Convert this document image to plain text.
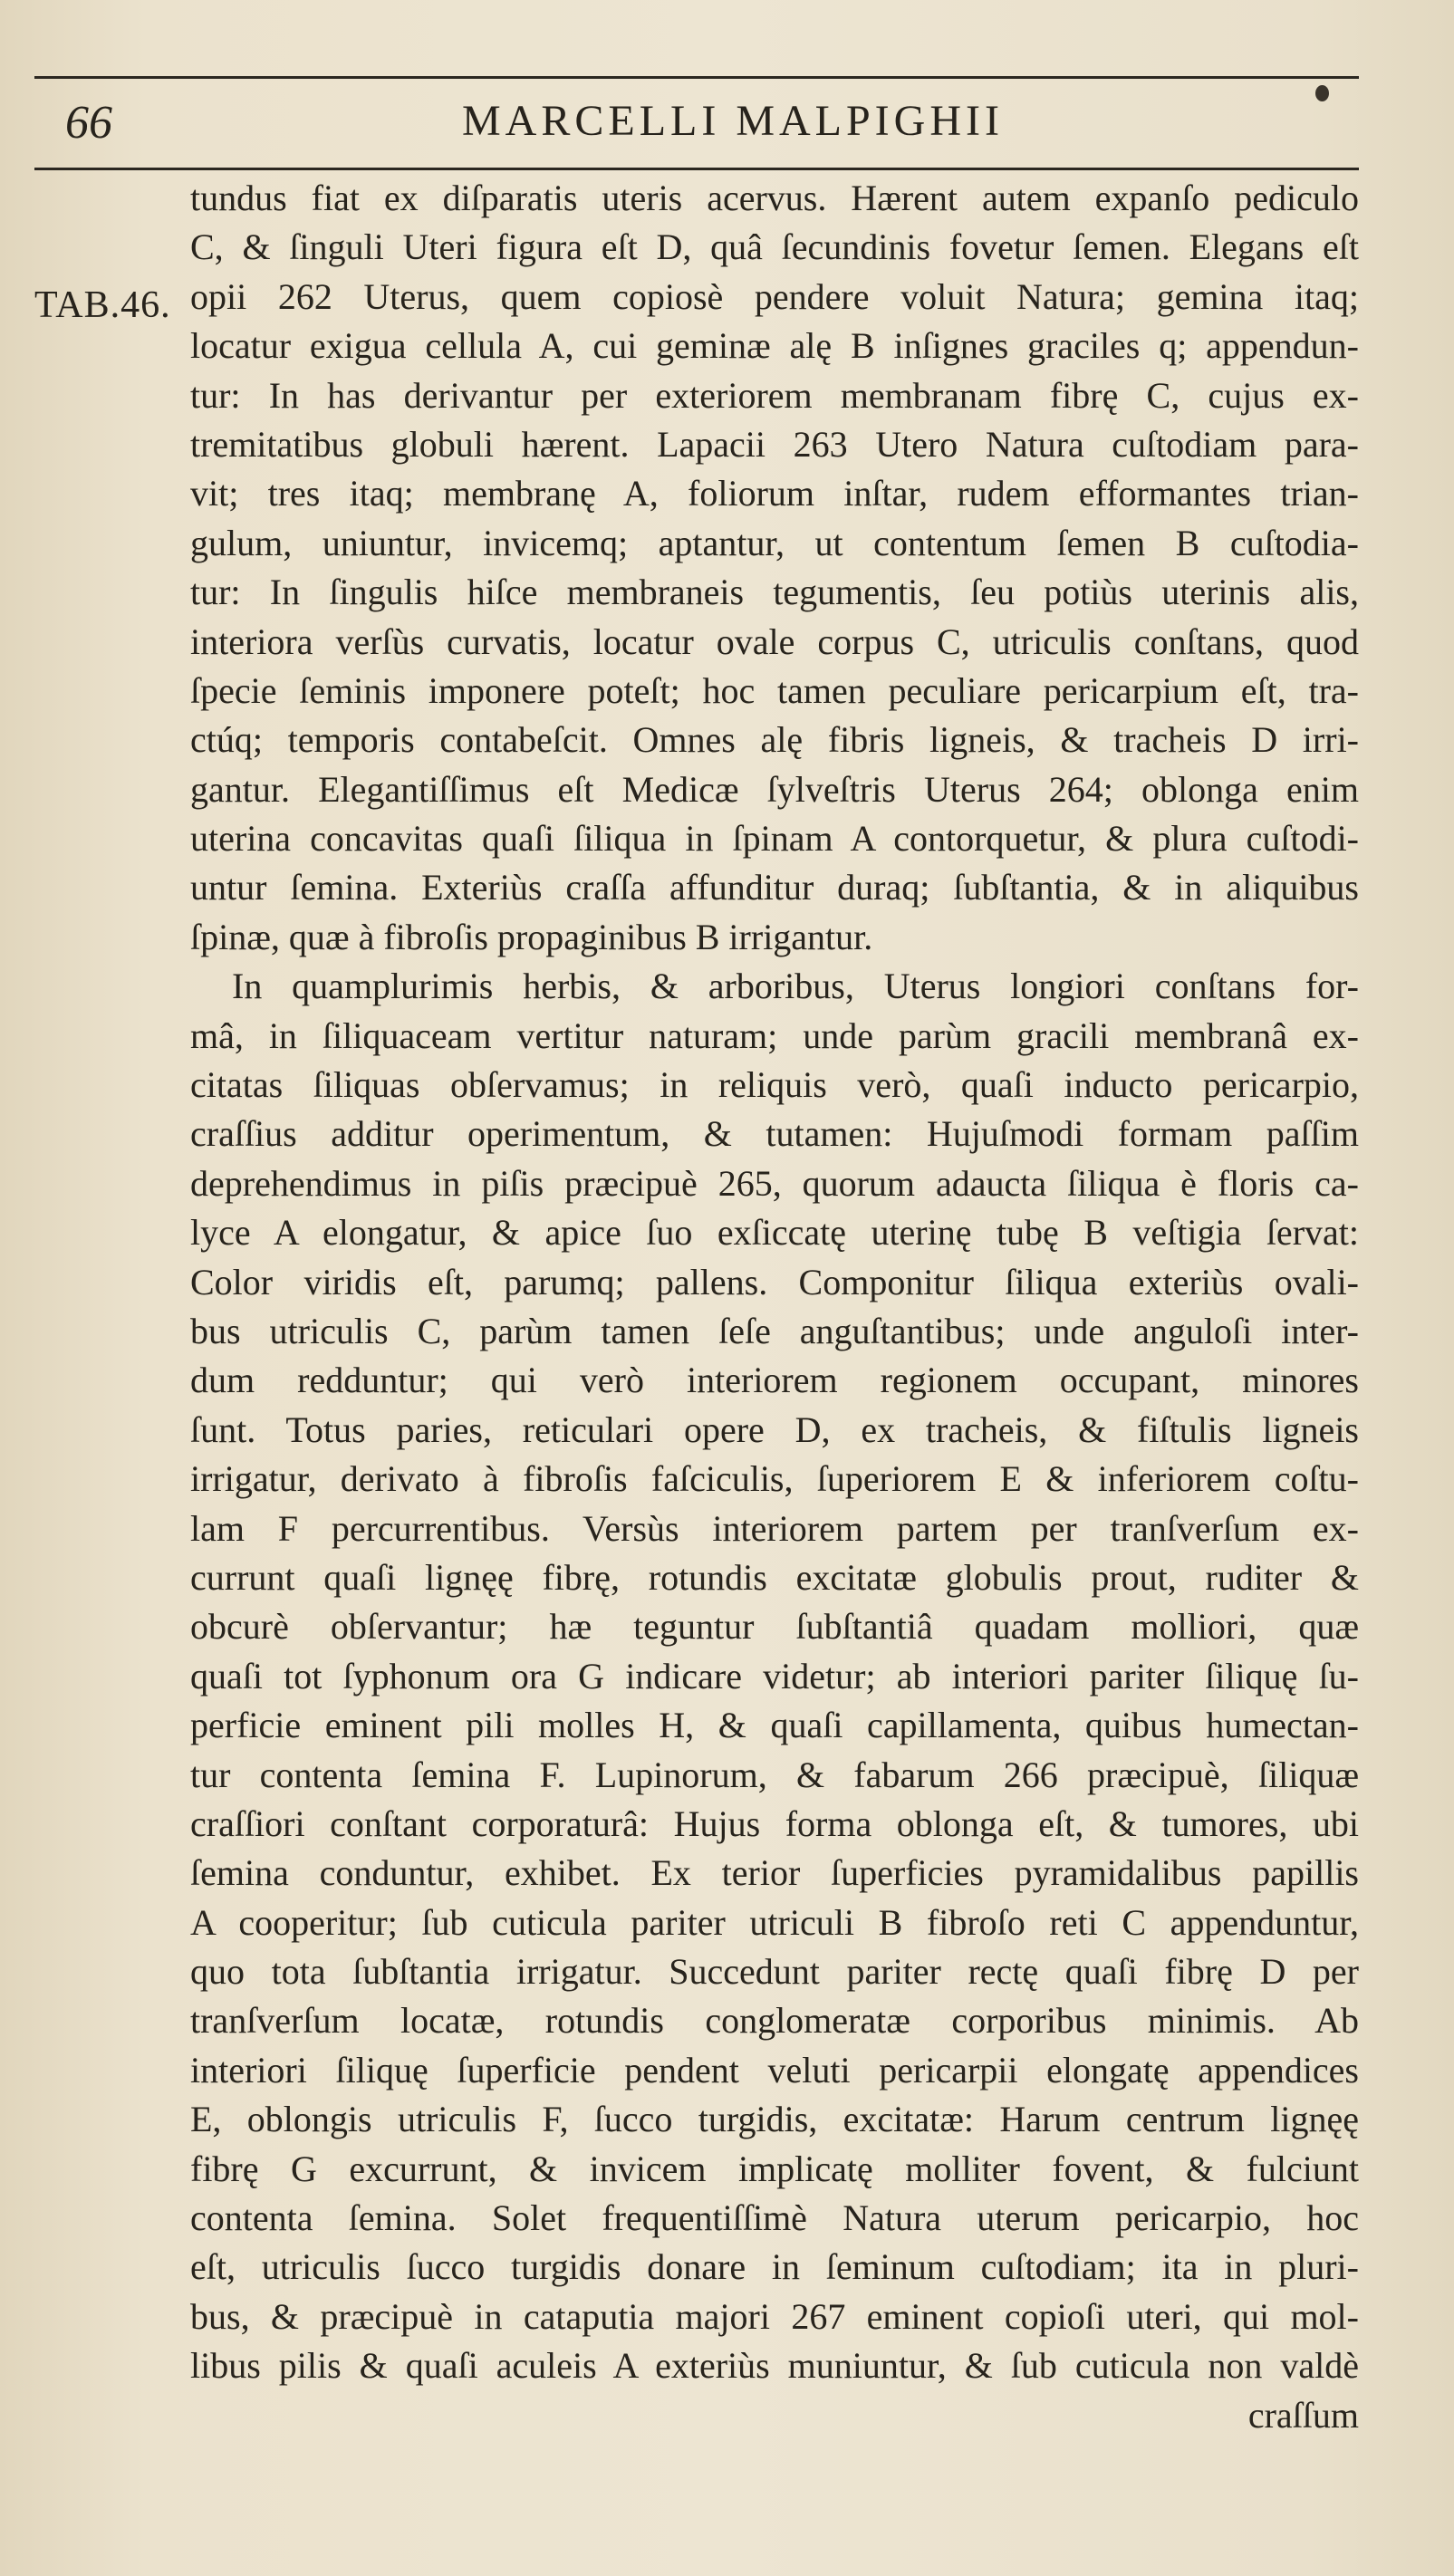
66	MARCELLI MALPIGHII
TAB.46.
tundus fiat ex diſparatis uteris acervus. Hærent autem expanſo pediculo
C, & ſinguli Uteri figura eſt D, quâ ſecundinis fovetur ſemen. Elegans eſt
opii 262 Uterus, quem copiosè pendere voluit Natura; gemina itaq;
locatur exigua cellula A, cui geminæ alę B inſignes graciles q; appendun-
tur: In has derivantur per exteriorem membranam fibrę C, cujus ex-
tremitatibus globuli hærent. Lapacii 263 Utero Natura cuſtodiam para-
vit; tres itaq; membranę A, foliorum inſtar, rudem efformantes trian-
gulum, uniuntur, invicemq; aptantur, ut contentum ſemen B cuſtodia-
tur: In ſingulis hiſce membraneis tegumentis, ſeu potiùs uterinis alis,
interiora verſùs curvatis, locatur ovale corpus C, utriculis conſtans, quod
ſpecie ſeminis imponere poteſt; hoc tamen peculiare pericarpium eſt, tra-
ctúq; temporis contabeſcit. Omnes alę fibris ligneis, & tracheis D irri-
gantur. Elegantiſſimus eſt Medicæ ſylveſtris Uterus 264; oblonga enim
uterina concavitas quaſi ſiliqua in ſpinam A contorquetur, & plura cuſtodi-
untur ſemina. Exteriùs craſſa affunditur duraq; ſubſtantia, & in aliquibus
ſpinæ, quæ à fibroſis propaginibus B irrigantur.
In quamplurimis herbis, & arboribus, Uterus longiori conſtans for-
mâ, in ſiliquaceam vertitur naturam; unde parùm gracili membranâ ex-
citatas ſiliquas obſervamus; in reliquis verò, quaſi inducto pericarpio,
craſſius additur operimentum, & tutamen: Hujuſmodi formam paſſim
deprehendimus in piſis præcipuè 265, quorum adaucta ſiliqua è floris ca-
lyce A elongatur, & apice ſuo exſiccatę uterinę tubę B veſtigia ſervat:
Color viridis eſt, parumq; pallens. Componitur ſiliqua exteriùs ovali-
bus utriculis C, parùm tamen ſeſe anguſtantibus; unde anguloſi inter-
dum redduntur; qui verò interiorem regionem occupant, minores
ſunt. Totus paries, reticulari opere D, ex tracheis, & fiſtulis ligneis
irrigatur, derivato à fibroſis faſciculis, ſuperiorem E & inferiorem coſtu-
lam F percurrentibus. Versùs interiorem partem per tranſverſum ex-
currunt quaſi lignęę fibrę, rotundis excitatæ globulis prout, ruditer &
obcurè obſervantur; hæ teguntur ſubſtantiâ quadam molliori, quæ
quaſi tot ſyphonum ora G indicare videtur; ab interiori pariter ſiliquę ſu-
perficie eminent pili molles H, & quaſi capillamenta, quibus humectan-
tur contenta ſemina F. Lupinorum, & fabarum 266 præcipuè, ſiliquæ
craſſiori conſtant corporaturâ: Hujus forma oblonga eſt, & tumores, ubi
ſemina conduntur, exhibet. Ex terior ſuperficies pyramidalibus papillis
A cooperitur; ſub cuticula pariter utriculi B fibroſo reti C appenduntur,
quo tota ſubſtantia irrigatur. Succedunt pariter rectę quaſi fibrę D per
tranſverſum locatæ, rotundis conglomeratæ corporibus minimis. Ab
interiori ſiliquę ſuperficie pendent veluti pericarpii elongatę appendices
E, oblongis utriculis F, ſucco turgidis, excitatæ: Harum centrum lignęę
fibrę G excurrunt, & invicem implicatę molliter fovent, & fulciunt
contenta ſemina. Solet frequentiſſimè Natura uterum pericarpio, hoc
eſt, utriculis ſucco turgidis donare in ſeminum cuſtodiam; ita in pluri-
bus, & præcipuè in cataputia majori 267 eminent copioſi uteri, qui mol-
libus pilis & quaſi aculeis A exteriùs muniuntur, & ſub cuticula non valdè
craſſum
